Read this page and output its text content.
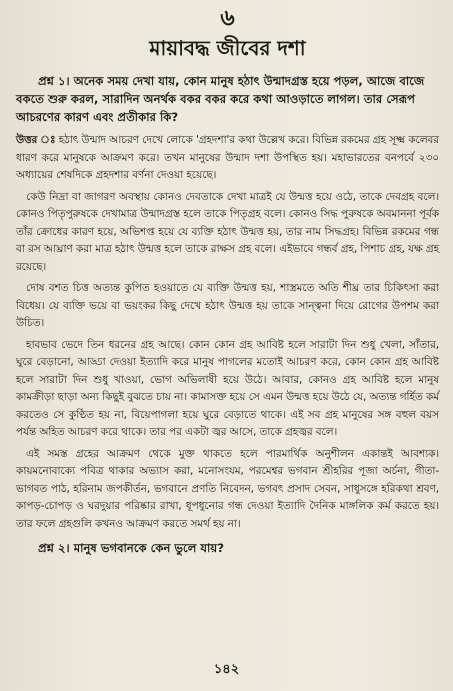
৬
মায়াবদ্ধ জীবের দশা

প্রশ্ন ১। অনেক সময় দেখা যায়, কোন মানুষ হঠাৎ উন্মাদগ্রস্ত হয়ে পড়ল, আজে বাজে বকতে শুরু করল, সারাদিন অনর্থক বকর বকর করে কথা আওড়াতে লাগল। তার সেরূপ আচরণের কারণ এবং প্রতীকার কি?

উত্তর ঃ হঠাৎ উন্মাদ আচরণ দেখে লোকে 'গ্রহদশা'র কথা উল্লেখ করে। বিভিন্ন রকমের গ্রহ সূক্ষ্ম কলেবর ধারণ করে মানুষকে আক্রমণ করে। তখন মানুষের উন্মাদ দশা উপস্থিত হয়। মহাভারতের বনপর্বে ২৩০ অধ্যায়ের শেষদিকে গ্রহদশার বর্ণনা দেওয়া হয়েছে।

কেউ নিদ্রা বা জাগরণ অবস্থায় কোনও দেবতাকে দেখা মাত্রই যে উন্মত্ত হয়ে ওঠে, তাকে দেবগ্রহ বলে। কোনও পিতৃপুরুষকে দেখামাত্র উন্মাদগ্রস্ত হলে তাকে পিতৃগ্রহ বলে। কোনও সিদ্ধ পুরুষকে অবমাননা পূর্বক তাঁর ক্রোধের কারণ হয়ে, অভিশপ্ত হয়ে যে ব্যক্তি হঠাৎ উন্মত্ত হয়, তার নাম সিদ্ধগ্রহ। বিভিন্ন রকমের গন্ধ বা রস আঘ্রাণ করা মাত্র হঠাৎ উন্মত্ত হলে তাকে রাক্ষস গ্রহ বলে। এইভাবে গন্ধর্ব গ্রহ, পিশাচ গ্রহ, যক্ষ গ্রহ রয়েছে।

দোষ বশত চিত্ত অত্যন্ত কুপিত হওয়াতে যে ব্যক্তি উন্মত্ত হয়, শাস্ত্রমতে অতি শীঘ্র তার চিকিৎসা করা বিধেয়। যে ব্যক্তি ভয়ে বা ভয়ংকর কিছু দেখে হঠাৎ উন্মত্ত হয় তাকে সান্ত্বনা দিয়ে রোগের উপশম করা উচিত।

হাবভাব ভেদে তিন ধরনের গ্রহ আছে। কোন কোন গ্রহ আবিষ্ট হলে সারাটা দিন শুধু খেলা, সাঁতার, ঘুরে বেড়ানো, আড্ডা দেওয়া ইত্যাদি করে মানুষ পাগলের মতোই আচরণ করে, কোন কোন গ্রহ আবিষ্ট হলে সারাটা দিন শুধু খাওয়া, ভোগ অভিলাষী হয়ে উঠে। আবার, কোনও গ্রহ আবিষ্ট হলে মানুষ কামক্রীড়া ছাড়া অন্য কিছুই বুঝতে চায় না। কামাসক্ত হয়ে সে এমন উন্মত্ত হয়ে উঠে যে, অত্যন্ত গর্হিত কর্ম করতেও সে কুণ্ঠিত হয় না, বিয়েপাগলা হয়ে ঘুরে বেড়াতে থাকে। এই সব গ্রহ মানুষের সঙ্গ বহুল বয়স পর্যন্ত অহিত আচরণ করে থাকে। তার পর একটা জ্বর আসে, তাকে গ্রহজ্বর বলে।

এই সমস্ত গ্রহের আক্রমণ থেকে মুক্ত থাকতে হলে পারমার্থিক অনুশীলন একান্তই আবশ্যক। কায়মনোবাক্যে পবিত্র থাকার অভ্যাস করা, মনোসংযম, পরমেশ্বর ভগবান শ্রীহরির পূজা অর্চনা, গীতা-ভাগবত পাঠ, হরিনাম জপকীর্তন, ভগবানে প্রণতি নিবেদন, ভগবৎ প্রসাদ সেবন, সাধুসঙ্গে হরিকথা শ্রবণ, কাপড়-চোপড় ও ঘরদুয়ার পরিষ্কার রাখা, ধূপধুনোর গন্ধ দেওয়া ইত্যাদি দৈনিক মাঙ্গলিক কর্ম করতে হয়। তার ফলে গ্রহগুলি কখনও আক্রমণ করতে সমর্থ হয় না।

প্রশ্ন ২। মানুষ ভগবানকে কেন ভুলে যায়?

১৪২
